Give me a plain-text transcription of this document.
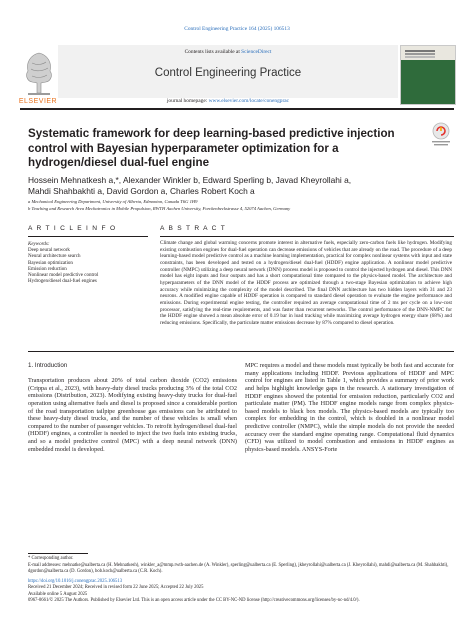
Control Engineering Practice 164 (2025) 106513
ELSEVIER
Contents lists available at ScienceDirect
Control Engineering Practice
journal homepage: www.elsevier.com/locate/conengprac
Systematic framework for deep learning-based predictive injection control with Bayesian hyperparameter optimization for a hydrogen/diesel dual-fuel engine
Hossein Mehnatkesh a,*, Alexander Winkler b, Edward Sperling b, Javad Kheyrollahi a,
Mahdi Shahbakhti a, David Gordon a, Charles Robert Koch a
a Mechanical Engineering Department, University of Alberta, Edmonton, Canada T6G 1H9
b Teaching and Research Area Mechatronics in Mobile Propulsion, RWTH Aachen University, Forckenbeckstrasse 4, 52074 Aachen, Germany
A R T I C L E I N F O	A B S T R A C T
Keywords:
Deep neural network
Neural architecture search
Bayesian optimization
Emission reduction
Nonlinear model predictive control
Hydrogen/diesel dual-fuel engines
Climate change and global warming concerns promote interest in alternative fuels, especially zero-carbon fuels like hydrogen. Modifying existing combustion engines for dual-fuel operation can decrease emissions of vehicles that are already on the road. The procedure of a deep learning-based model predictive control as a machine learning implementation, practical for complex nonlinear systems with input and state constraints, has been developed and tested on a hydrogen/diesel dual-fuel (HDDF) engine application. A nonlinear model predictive controller (NMPC) utilizing a deep neural network (DNN) process model is proposed to control the injected hydrogen and diesel. This DNN model has eight inputs and four outputs and has a short computational time compared to the physics-based model. The architecture and hyperparameters of the DNN model of the HDDF process are optimized through a two-stage Bayesian optimization to achieve high accuracy while minimizing the complexity of the model described. The final DNN architecture has two hidden layers with 31 and 23 neurons. A modified engine capable of HDDF operation is compared to standard diesel operation to evaluate the engine performance and emissions. During experimental engine testing, the controller required an average computational time of 2 ms per cycle on a low-cost processor, satisfying the real-time requirements, and was faster than recurrent networks. The control performance of the DNN-NMPC for the HDDF engine showed a mean absolute error of 0.19 bar in load tracking while maximizing average hydrogen energy share (68%) and reducing emissions. Specifically, the particulate matter emissions decrease by 87% compared to diesel operation.
1. Introduction
Transportation produces about 20% of total carbon dioxide (CO2) emissions (Crippa et al., 2023), with heavy-duty diesel trucks producing 3% of the total CO2 emissions (Distribution, 2023). Modifying existing heavy-duty trucks for dual-fuel operation using alternative fuels and diesel is proposed since a considerable portion of the road transportation tailpipe greenhouse gas emissions can be attributed to these heavy-duty diesel trucks, and the number of these vehicles is small when compared to the number of passenger vehicles. To retrofit hydrogen/diesel dual-fuel (HDDF) engines, a controller is needed to inject the two fuels into existing trucks, and so a model predictive control (MPC) with a deep neural network (DNN) embedded model is developed.
MPC requires a model and these models must typically be both fast and accurate for many applications including HDDF. Previous applications of HDDF and MPC control for engines are listed in Table 1, which provides a summary of prior work and helps highlight knowledge gaps in the research. A stationary investigation of HDDF engines showed the potential for emission reduction, particularly CO2 and particulate matter (PM). The HDDF engine models range from complex physics-based models to black box models. The physics-based models are typically too complex for embedding in the control, which is doubled in a nonlinear model predictive controller (NMPC), while the simple models do not provide the needed accuracy over the standard engine operating range. Computational fluid dynamics (CFD) was utilized to model combustion and emissions in HDDF engines as physics-based models. ANSYS-Forte
* Corresponding author.
E-mail addresses: mehnatke@ualberta.ca (H. Mehnatkesh), winkler_a@mmp.rwth-aachen.de (A. Winkler), sperling@ualberta.ca (E. Sperling), jkheyrollahi@ualberta.ca (J. Kheyrollahi), mahdi@ualberta.ca (M. Shahbakhti), dgordon@ualberta.ca (D. Gordon), bob.koch@ualberta.ca (C.R. Koch).
https://doi.org/10.1016/j.conengprac.2025.106513
Received 21 December 2024; Received in revised form 22 June 2025; Accepted 22 July 2025
Available online 5 August 2025
0967-0661/© 2025 The Authors. Published by Elsevier Ltd. This is an open access article under the CC BY-NC-ND license (http://creativecommons.org/licenses/by-nc-nd/4.0/).
